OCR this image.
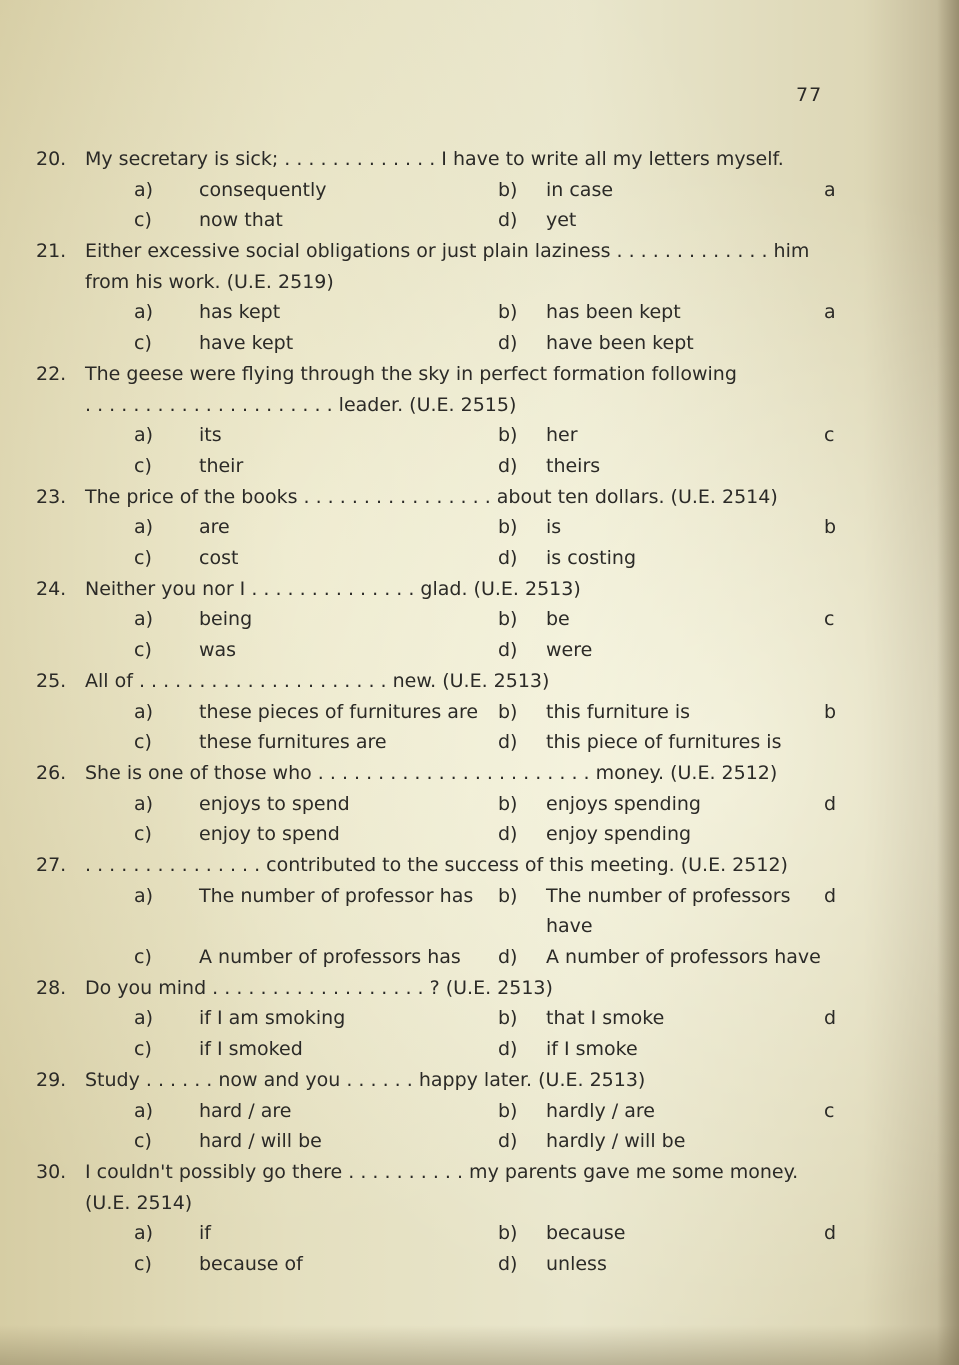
77
20. My secretary is sick; . . . . . . . . . . . . . I have to write all my letters myself.
a) consequently	b) in case	a
c) now that	d) yet
21. Either excessive social obligations or just plain laziness . . . . . . . . . . . . . him
from his work. (U.E. 2519)
a) has kept	b) has been kept	a
c) have kept	d) have been kept
22. The geese were flying through the sky in perfect formation following
. . . . . . . . . . . . . . . . . . . . . leader. (U.E. 2515)
a) its	b) her	c
c) their	d) theirs
23. The price of the books . . . . . . . . . . . . . . . . about ten dollars. (U.E. 2514)
a) are	b) is	b
c) cost	d) is costing
24. Neither you nor I . . . . . . . . . . . . . . glad. (U.E. 2513)
a) being	b) be	c
c) was	d) were
25. All of . . . . . . . . . . . . . . . . . . . . . new. (U.E. 2513)
a) these pieces of furnitures are	b) this furniture is	b
c) these furnitures are	d) this piece of furnitures is
26. She is one of those who . . . . . . . . . . . . . . . . . . . . . . . money. (U.E. 2512)
a) enjoys to spend	b) enjoys spending	d
c) enjoy to spend	d) enjoy spending
27. . . . . . . . . . . . . . . . contributed to the success of this meeting. (U.E. 2512)
a) The number of professor has	b) The number of professors have
d
c) A number of professors has	d) A number of professors have
28. Do you mind . . . . . . . . . . . . . . . . . . ? (U.E. 2513)
a) if I am smoking	b) that I smoke	d
c) if I smoked	d) if I smoke
29. Study . . . . . . now and you . . . . . . happy later. (U.E. 2513)
a) hard / are	b) hardly / are	c
c) hard / will be	d) hardly / will be
30. I couldn't possibly go there . . . . . . . . . . my parents gave me some money.
(U.E. 2514)
a) if	b) because	d
c) because of	d) unless
